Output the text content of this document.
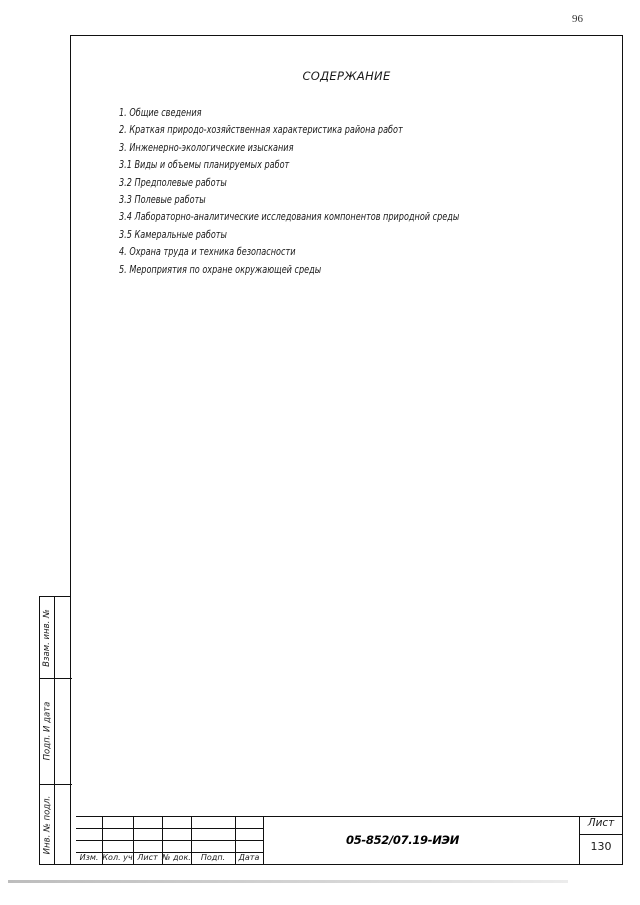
96
СОДЕРЖАНИЕ
1. Общие сведения
2. Краткая природо-хозяйственная характеристика района работ
3. Инженерно-экологические изыскания
3.1 Виды и объемы планируемых работ
3.2 Предполевые работы
3.3 Полевые работы
3.4 Лабораторно-аналитические исследования компонентов природной среды
3.5 Камеральные работы
4. Охрана труда и техника безопасности
5. Мероприятия по охране окружающей среды
Взам. инв. №
Подп. И дата
Инв. № подл.
Изм. Кол. уч Лист № док.	Подп.	Дата
05-852/07.19-ИЭИ
Лист
130
